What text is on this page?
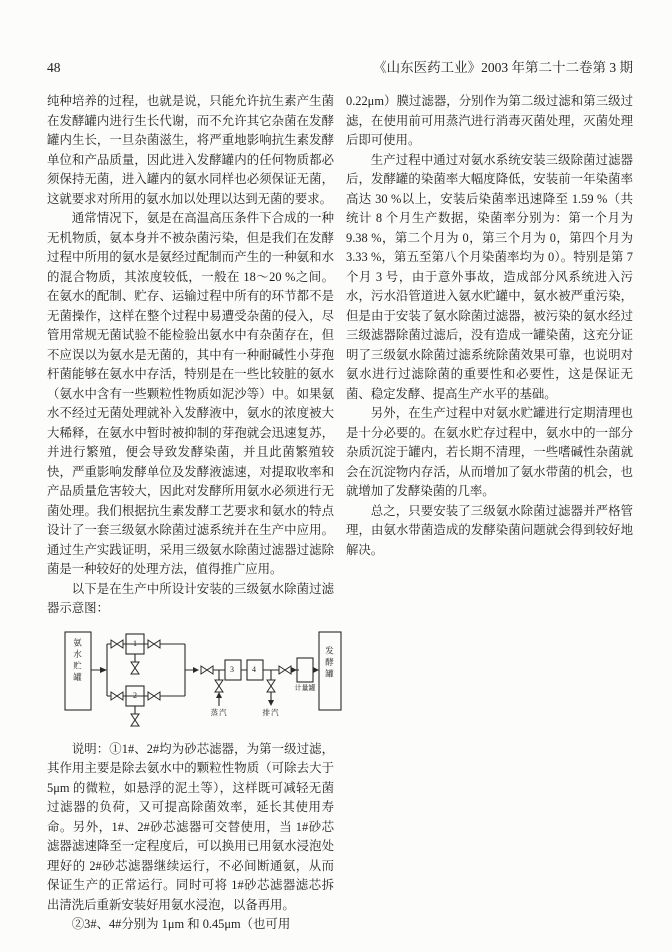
48	《山东医药工业》2003 年第二十二卷第 3 期

纯种培养的过程，也就是说，只能允许抗生素产生菌在发酵罐内进行生长代谢，而不允许其它杂菌在发酵罐内生长，一旦杂菌滋生，将严重地影响抗生素发酵单位和产品质量，因此进入发酵罐内的任何物质都必须保持无菌，进入罐内的氨水同样也必须保证无菌，这就要求对所用的氨水加以处理以达到无菌的要求。

通常情况下，氨是在高温高压条件下合成的一种无机物质，氨本身并不被杂菌污染，但是我们在发酵过程中所用的氨水是氨经过配制而产生的一种氨和水的混合物质，其浓度较低，一般在 18～20 %之间。在氨水的配制、贮存、运输过程中所有的环节都不是无菌操作，这样在整个过程中易遭受杂菌的侵入，尽管用常规无菌试验不能检验出氨水中有杂菌存在，但不应误以为氨水是无菌的，其中有一种耐碱性小芽孢杆菌能够在氨水中存活，特别是在一些比较脏的氨水（氨水中含有一些颗粒性物质如泥沙等）中。如果氨水不经过无菌处理就补入发酵液中，氨水的浓度被大大稀释，在氨水中暂时被抑制的芽孢就会迅速复苏，并进行繁殖，便会导致发酵染菌，并且此菌繁殖较快，严重影响发酵单位及发酵液滤速，对提取收率和产品质量危害较大，因此对发酵所用氨水必须进行无菌处理。我们根据抗生素发酵工艺要求和氨水的特点设计了一套三级氨水除菌过滤系统并在生产中应用。通过生产实践证明，采用三级氨水除菌过滤器过滤除菌是一种较好的处理方法，值得推广应用。

以下是在生产中所设计安装的三级氨水除菌过滤器示意图：

氨水贮罐	1
2
3	4
蒸汽	排汽
计量罐
发酵罐

说明：①1#、2#均为砂芯滤器，为第一级过滤，其作用主要是除去氨水中的颗粒性物质（可除去大于 5μm 的微粒，如悬浮的泥土等），这样既可减轻无菌过滤器的负荷，又可提高除菌效率，延长其使用寿命。另外，1#、2#砂芯滤器可交替使用，当 1#砂芯滤器滤速降至一定程度后，可以换用已用氨水浸泡处理好的 2#砂芯滤器继续运行，不必间断通氨，从而保证生产的正常运行。同时可将 1#砂芯滤器滤芯拆出清洗后重新安装好用氨水浸泡，以备再用。

②3#、4#分别为 1μm 和 0.45μm（也可用

0.22μm）膜过滤器，分别作为第二级过滤和第三级过滤，在使用前可用蒸汽进行消毒灭菌处理，灭菌处理后即可使用。

生产过程中通过对氨水系统安装三级除菌过滤器后，发酵罐的染菌率大幅度降低，安装前一年染菌率高达 30 %以上，安装后染菌率迅速降至 1.59 %（共统计 8 个月生产数据，染菌率分别为：第一个月为 9.38 %，第二个月为 0，第三个月为 0，第四个月为 3.33 %，第五至第八个月染菌率均为 0）。特别是第 7 个月 3 号，由于意外事故，造成部分风系统进入污水，污水沿管道进入氨水贮罐中，氨水被严重污染，但是由于安装了氨水除菌过滤器，被污染的氨水经过三级滤器除菌过滤后，没有造成一罐染菌，这充分证明了三级氨水除菌过滤系统除菌效果可靠，也说明对氨水进行过滤除菌的重要性和必要性，这是保证无菌、稳定发酵、提高生产水平的基础。

另外，在生产过程中对氨水贮罐进行定期清理也是十分必要的。在氨水贮存过程中，氨水中的一部分杂质沉淀于罐内，若长期不清理，一些嗜碱性杂菌就会在沉淀物内存活，从而增加了氨水带菌的机会，也就增加了发酵染菌的几率。

总之，只要安装了三级氨水除菌过滤器并严格管理，由氨水带菌造成的发酵染菌问题就会得到较好地解决。
